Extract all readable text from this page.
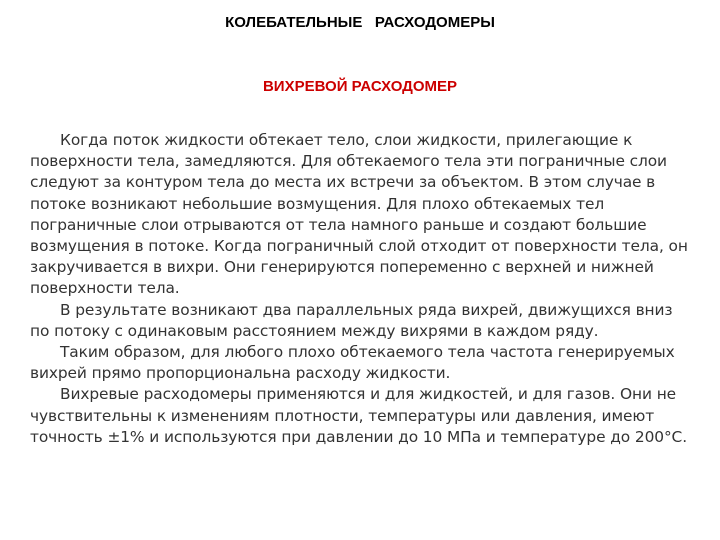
КОЛЕБАТЕЛЬНЫЕ   РАСХОДОМЕРЫ
ВИХРЕВОЙ РАСХОДОМЕР

Когда поток жидкости обтекает тело, слои жидкости, прилегающие к поверхности тела, замедляются. Для обтекаемого тела эти пограничные слои следуют за контуром тела до места их встречи за объектом. В этом случае в потоке возникают небольшие возмущения. Для плохо обтекаемых тел пограничные слои отрываются от тела намного раньше и создают большие возмущения в потоке. Когда пограничный слой отходит от поверхности тела, он закручивается в вихри. Они генерируются попеременно с верхней и нижней поверхности тела.

В результате возникают два параллельных ряда вихрей, движущихся вниз по потоку с одинаковым расстоянием между вихрями в каждом ряду.

Таким образом, для любого плохо обтекаемого тела частота генерируемых вихрей прямо пропорциональна расходу жидкости.

Вихревые расходомеры применяются и для жидкостей, и для газов. Они не чувствительны к изменениям плотности, температуры или давления, имеют точность ±1% и используются при давлении до 10 МПа и температуре до 200°С.
